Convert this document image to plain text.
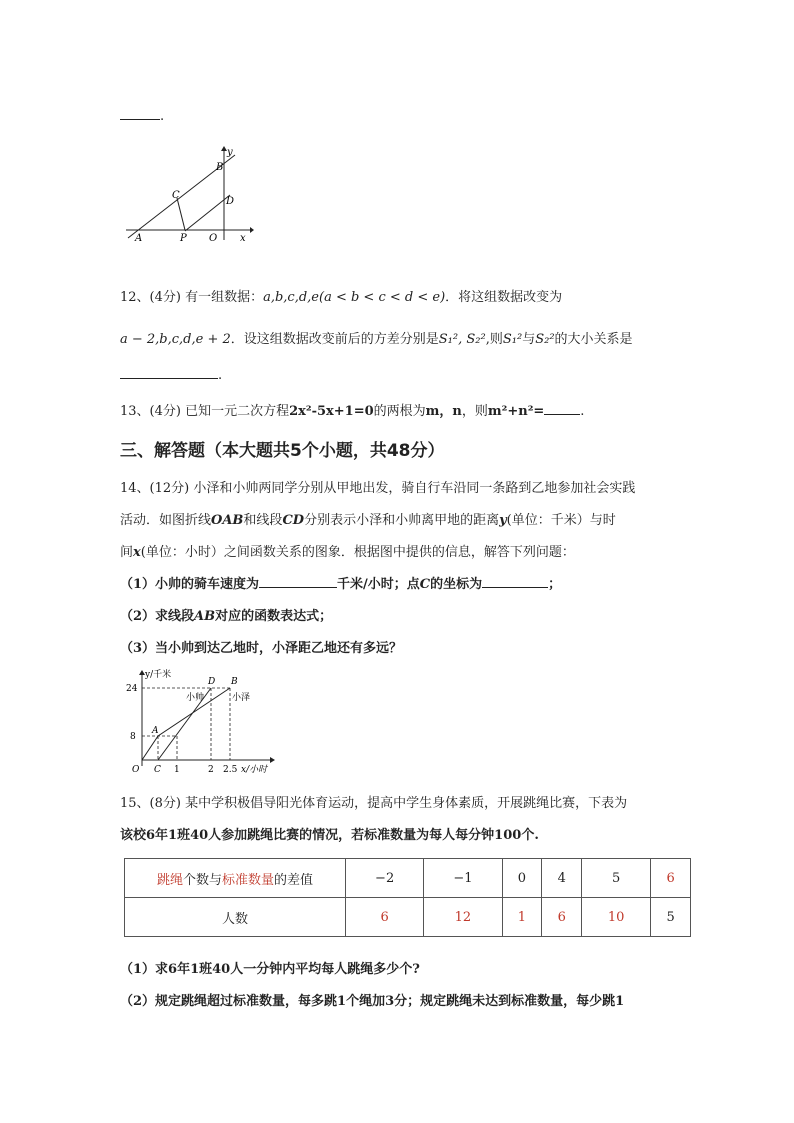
.
B
y
C
D
A	P O x
12、(4分) 有一组数据：a,b,c,d,e(a < b < c < d < e)．将这组数据改变为
a − 2,b,c,d,e + 2．设这组数据改变前后的方差分别是S₁², S₂²,则S₁²与S₂²的大小关系是
.
13、(4分) 已知一元二次方程2x²-5x+1=0的两根为m，n，则m²+n²=	.
三、解答题（本大题共5个小题，共48分）
14、(12分) 小泽和小帅两同学分别从甲地出发，骑自行车沿同一条路到乙地参加社会实践
活动．如图折线OAB和线段CD分别表示小泽和小帅离甲地的距离y(单位：千米）与时
间x(单位：小时）之间函数关系的图象．根据图中提供的信息，解答下列问题：
（1）小帅的骑车速度为	千米/小时；点C的坐标为	；
（2）求线段AB对应的函数表达式；
（3）当小帅到达乙地时，小泽距乙地还有多远？
y/千米
24
8
A
D B
小帅	小泽
O C 1	2 2.5 x/小时
15、(8分) 某中学积极倡导阳光体育运动，提高中学生身体素质，开展跳绳比赛，下表为
该校6年1班40人参加跳绳比赛的情况，若标准数量为每人每分钟100个.
跳绳个数与标准数量的差值	−2	−1	0	4	5	6
人数	6	12	1	6	10	5
（1）求6年1班40人一分钟内平均每人跳绳多少个?
（2）规定跳绳超过标准数量，每多跳1个绳加3分；规定跳绳未达到标准数量，每少跳1
